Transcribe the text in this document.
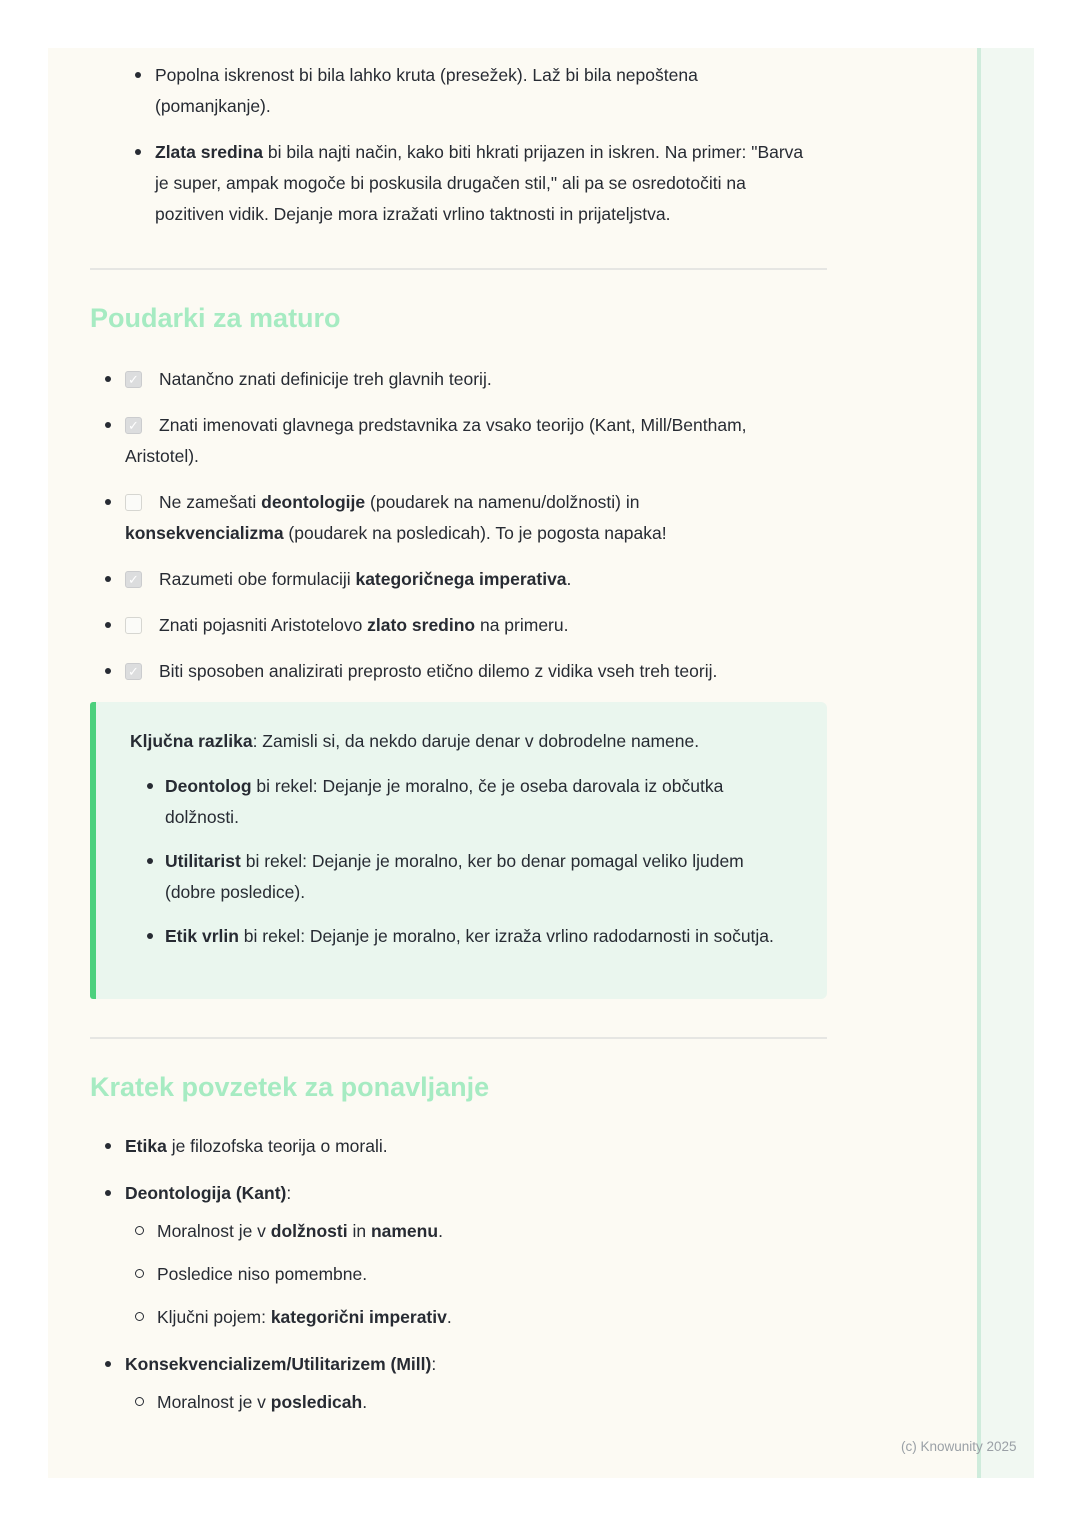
Popolna iskrenost bi bila lahko kruta (presežek). Laž bi bila nepoštena (pomanjkanje).
Zlata sredina bi bila najti način, kako biti hkrati prijazen in iskren. Na primer: "Barva je super, ampak mogoče bi poskusila drugačen stil," ali pa se osredotočiti na pozitiven vidik. Dejanje mora izražati vrlino taktnosti in prijateljstva.
Poudarki za maturo
✓Natančno znati definicije treh glavnih teorij.
✓Znati imenovati glavnega predstavnika za vsako teorijo (Kant, Mill/Bentham, Aristotel).
Ne zamešati deontologije (poudarek na namenu/dolžnosti) in konsekvencializma (poudarek na posledicah). To je pogosta napaka!
✓Razumeti obe formulaciji kategoričnega imperativa.
Znati pojasniti Aristotelovo zlato sredino na primeru.
✓Biti sposoben analizirati preprosto etično dilemo z vidika vseh treh teorij.

Ključna razlika: Zamisli si, da nekdo daruje denar v dobrodelne namene.

Deontolog bi rekel: Dejanje je moralno, če je oseba darovala iz občutka dolžnosti.
Utilitarist bi rekel: Dejanje je moralno, ker bo denar pomagal veliko ljudem (dobre posledice).
Etik vrlin bi rekel: Dejanje je moralno, ker izraža vrlino radodarnosti in sočutja.
Kratek povzetek za ponavljanje
Etika je filozofska teorija o morali.
Deontologija (Kant):
Moralnost je v dolžnosti in namenu.
Posledice niso pomembne.
Ključni pojem: kategorični imperativ.
Konsekvencializem/Utilitarizem (Mill):
Moralnost je v posledicah.
(c) Knowunity 2025
